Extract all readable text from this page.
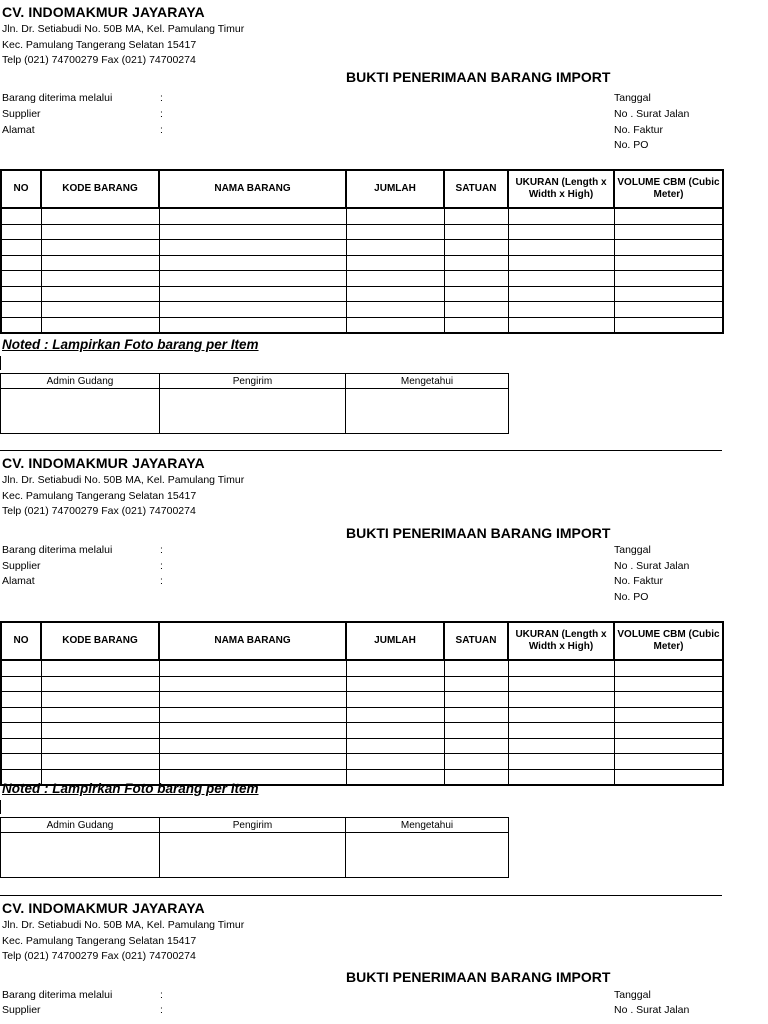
CV. INDOMAKMUR JAYARAYA
Jln. Dr. Setiabudi No. 50B MA, Kel. Pamulang Timur
Kec. Pamulang Tangerang Selatan 15417
Telp (021) 74700279 Fax (021) 74700274
BUKTI PENERIMAAN BARANG IMPORT
Barang diterima melalui	:
Supplier	:
Alamat	:
Tanggal
No . Surat Jalan
No. Faktur
No. PO
NO	KODE BARANG	NAMA BARANG	JUMLAH	SATUAN	UKURAN (Length x Width x High)	VOLUME CBM (Cubic Meter)

Noted : Lampirkan Foto barang per Item
Admin Gudang	Pengirim	Mengetahui

CV. INDOMAKMUR JAYARAYA
Jln. Dr. Setiabudi No. 50B MA, Kel. Pamulang Timur
Kec. Pamulang Tangerang Selatan 15417
Telp (021) 74700279 Fax (021) 74700274
BUKTI PENERIMAAN BARANG IMPORT
Barang diterima melalui	:
Supplier	:
Alamat	:
Tanggal
No . Surat Jalan
No. Faktur
No. PO
NO	KODE BARANG	NAMA BARANG	JUMLAH	SATUAN	UKURAN (Length x Width x High)	VOLUME CBM (Cubic Meter)

Noted : Lampirkan Foto barang per Item
Admin Gudang	Pengirim	Mengetahui

CV. INDOMAKMUR JAYARAYA
Jln. Dr. Setiabudi No. 50B MA, Kel. Pamulang Timur
Kec. Pamulang Tangerang Selatan 15417
Telp (021) 74700279 Fax (021) 74700274
BUKTI PENERIMAAN BARANG IMPORT
Barang diterima melalui	:
Supplier	:
Tanggal
No . Surat Jalan
